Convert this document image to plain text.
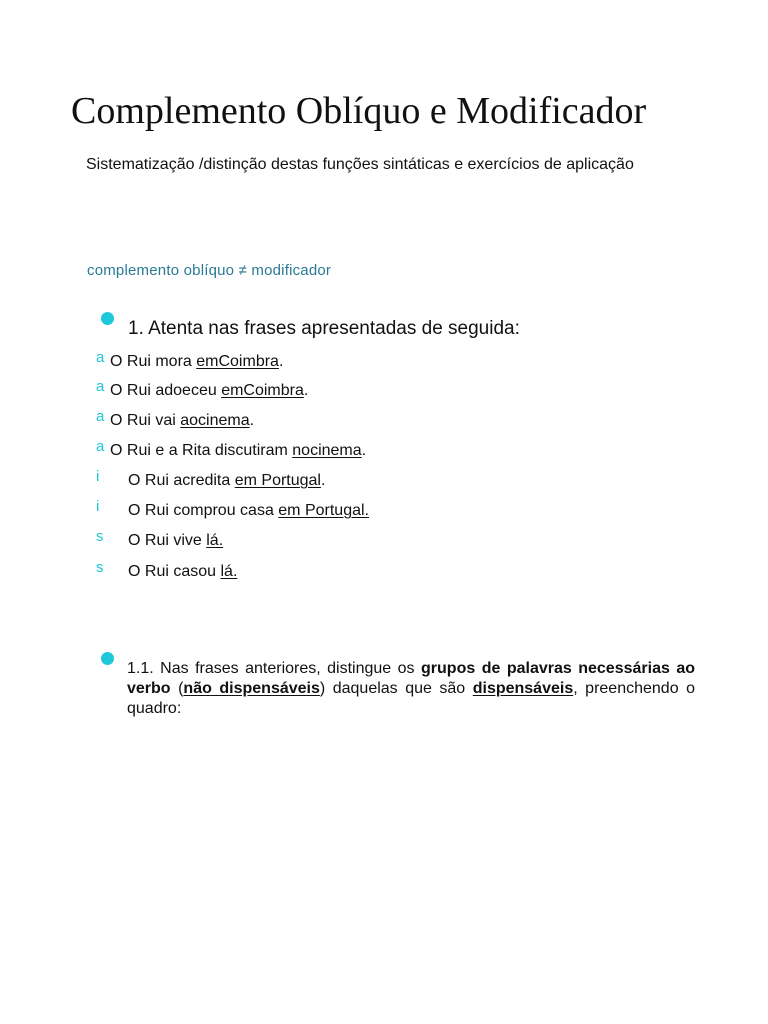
Complemento Oblíquo e Modificador

Sistematização /distinção destas funções sintáticas e exercícios de aplicação

complemento oblíquo ≠ modificador

1. Atenta nas frases apresentadas de seguida:

a O Rui mora emCoimbra.
a O Rui adoeceu emCoimbra.
a O Rui vai aocinema.
a O Rui e a Rita discutiram nocinema.
i O Rui acredita em Portugal.
i O Rui comprou casa em Portugal.
s O Rui vive lá.
s O Rui casou lá.

1.1. Nas frases anteriores, distingue os grupos de palavras necessárias ao verbo (não dispensáveis) daquelas que são dispensáveis, preenchendo o quadro:
